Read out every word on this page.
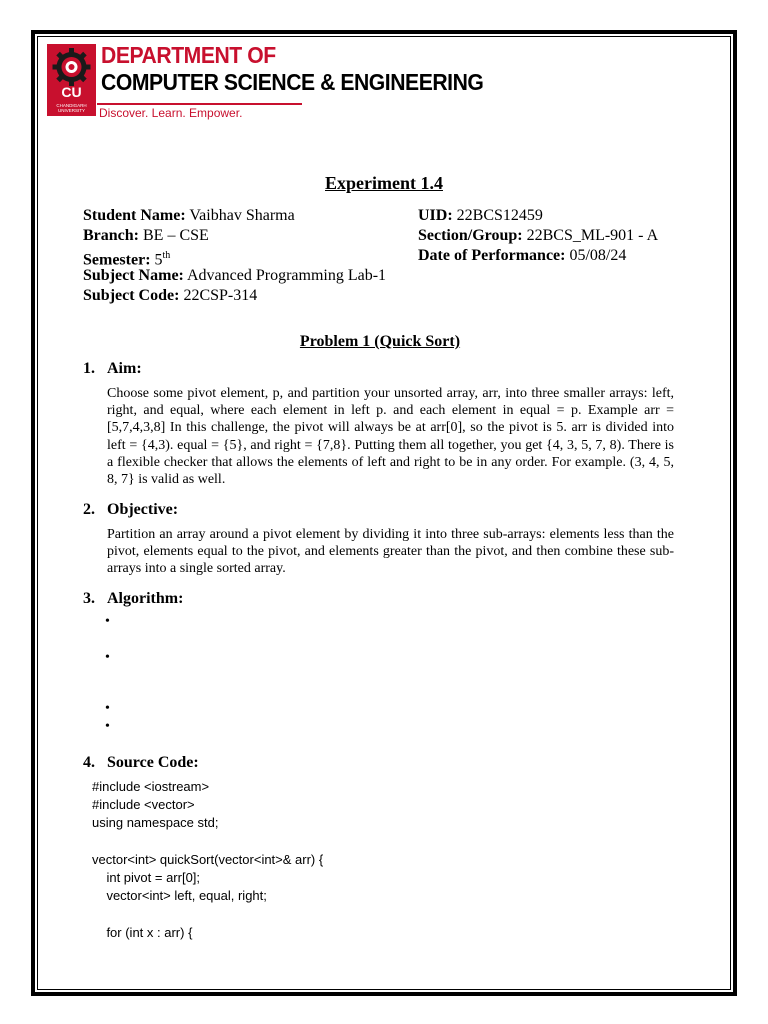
CU
CHANDIGARH
UNIVERSITY
DEPARTMENT OF
COMPUTER SCIENCE & ENGINEERING
Discover. Learn. Empower.
Experiment 1.4
Student Name: Vaibhav Sharma	UID: 22BCS12459
Branch: BE – CSE	Section/Group: 22BCS_ML-901 - A
Semester: 5th	Date of Performance: 05/08/24
Subject Name: Advanced Programming Lab-1
Subject Code: 22CSP-314
Problem 1 (Quick Sort)
1. Aim:
Choose some pivot element, p, and partition your unsorted array, arr, into three smaller arrays: left, right, and equal, where each element in left p. and each element in equal = p. Example arr = [5,7,4,3,8] In this challenge, the pivot will always be at arr[0], so the pivot is 5. arr is divided into left = {4,3). equal = {5}, and right = {7,8}. Putting them all together, you get {4, 3, 5, 7, 8). There is a flexible checker that allows the elements of left and right to be in any order. For example. (3, 4, 5, 8, 7} is valid as well.
2. Objective:
Partition an array around a pivot element by dividing it into three sub-arrays: elements less than the pivot, elements equal to the pivot, and elements greater than the pivot, and then combine these sub-arrays into a single sorted array.
3. Algorithm:
•
•
•
•
4. Source Code:
#include <iostream>
#include <vector>
using namespace std;

vector<int> quickSort(vector<int>& arr) {
int pivot = arr[0];
vector<int> left, equal, right;

for (int x : arr) {
